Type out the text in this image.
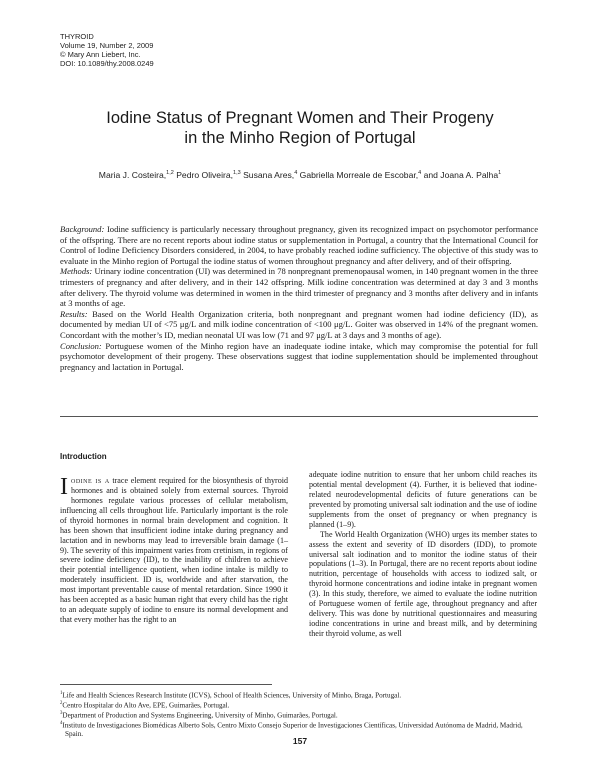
THYROID
Volume 19, Number 2, 2009
© Mary Ann Liebert, Inc.
DOI: 10.1089/thy.2008.0249
Iodine Status of Pregnant Women and Their Progeny
in the Minho Region of Portugal
Maria J. Costeira,$^{1,2}$ Pedro Oliveira,$^{1,3}$ Susana Ares,$^4$ Gabriella Morreale de Escobar,$^4$ and Joana A. Palha$^1$

Background: Iodine sufficiency is particularly necessary throughout pregnancy, given its recognized impact on psychomotor performance of the offspring. There are no recent reports about iodine status or supplementation in Portugal, a country that the International Council for Control of Iodine Deficiency Disorders considered, in 2004, to have probably reached iodine sufficiency. The objective of this study was to evaluate in the Minho region of Portugal the iodine status of women throughout pregnancy and after delivery, and of their offspring.

Methods: Urinary iodine concentration (UI) was determined in 78 nonpregnant premenopausal women, in 140 pregnant women in the three trimesters of pregnancy and after delivery, and in their 142 offspring. Milk iodine concentration was determined at day 3 and 3 months after delivery. The thyroid volume was determined in women in the third trimester of pregnancy and 3 months after delivery and in infants at 3 months of age.

Results: Based on the World Health Organization criteria, both nonpregnant and pregnant women had iodine deficiency (ID), as documented by median UI of <75 μg/L and milk iodine concentration of <100 μg/L. Goiter was observed in 14% of the pregnant women. Concordant with the mother’s ID, median neonatal UI was low (71 and 97 μg/L at 3 days and 3 months of age).

Conclusion: Portuguese women of the Minho region have an inadequate iodine intake, which may compromise the potential for full psychomotor development of their progeny. These observations suggest that iodine supplementation should be implemented throughout pregnancy and lactation in Portugal.

Introduction

Iodine is a trace element required for the biosynthesis of thyroid hormones and is obtained solely from external sources. Thyroid hormones regulate various processes of cellular metabolism, influencing all cells throughout life. Particularly important is the role of thyroid hormones in normal brain development and cognition. It has been shown that insufficient iodine intake during pregnancy and lactation and in newborns may lead to irreversible brain damage (1–9). The severity of this impairment varies from cretinism, in regions of severe iodine deficiency (ID), to the inability of children to achieve their potential intelligence quotient, when iodine intake is mildly to moderately insufficient. ID is, worldwide and after starvation, the most important preventable cause of mental retardation. Since 1990 it has been accepted as a basic human right that every child has the right to an adequate supply of iodine to ensure its normal development and that every mother has the right to an

adequate iodine nutrition to ensure that her unborn child reaches its potential mental development (4). Further, it is believed that iodine-related neurodevelopmental deficits of future generations can be prevented by promoting universal salt iodination and the use of iodine supplements from the onset of pregnancy or when pregnancy is planned (1–9).

The World Health Organization (WHO) urges its member states to assess the extent and severity of ID disorders (IDD), to promote universal salt iodination and to monitor the iodine status of their populations (1–3). In Portugal, there are no recent reports about iodine nutrition, percentage of households with access to iodized salt, or thyroid hormone concentrations and iodine intake in pregnant women (3). In this study, therefore, we aimed to evaluate the iodine nutrition of Portuguese women of fertile age, throughout pregnancy and after delivery. This was done by nutritional questionnaires and measuring iodine concentrations in urine and breast milk, and by determining their thyroid volume, as well

$^1$Life and Health Sciences Research Institute (ICVS), School of Health Sciences, University of Minho, Braga, Portugal.
$^2$Centro Hospitalar do Alto Ave, EPE, Guimarães, Portugal.
$^3$Department of Production and Systems Engineering, University of Minho, Guimarães, Portugal.
$^4$Instituto de Investigaciones Biomédicas Alberto Sols, Centro Mixto Consejo Superior de Investigaciones Científicas, Universidad Autónoma de Madrid, Madrid, Spain.
157
